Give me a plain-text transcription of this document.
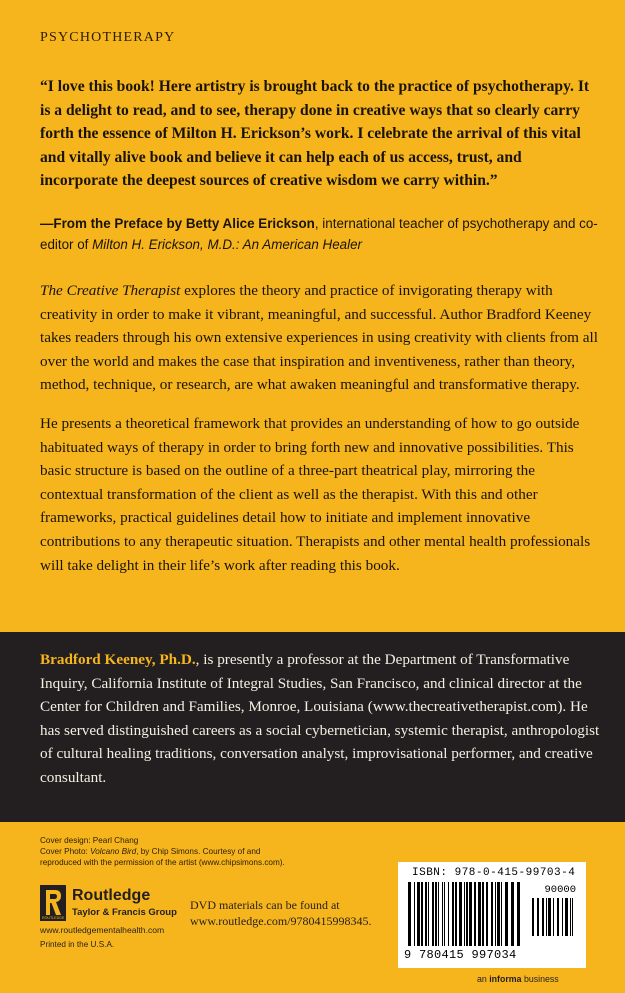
PSYCHOTHERAPY
“I love this book! Here artistry is brought back to the practice of psychotherapy. It is a delight to read, and to see, therapy done in creative ways that so clearly carry forth the essence of Milton H. Erickson’s work. I celebrate the arrival of this vital and vitally alive book and believe it can help each of us access, trust, and incorporate the deepest sources of creative wisdom we carry within.”
—From the Preface by Betty Alice Erickson, international teacher of psychotherapy and co-editor of Milton H. Erickson, M.D.: An American Healer
The Creative Therapist explores the theory and practice of invigorating therapy with creativity in order to make it vibrant, meaningful, and successful. Author Bradford Keeney takes readers through his own extensive experiences in using creativity with clients from all over the world and makes the case that inspiration and inventiveness, rather than theory, method, technique, or research, are what awaken meaningful and transformative therapy.
He presents a theoretical framework that provides an understanding of how to go outside habituated ways of therapy in order to bring forth new and innovative possibilities. This basic structure is based on the outline of a three-part theatrical play, mirroring the contextual transformation of the client as well as the therapist. With this and other frameworks, practical guidelines detail how to initiate and implement innovative contributions to any therapeutic situation. Therapists and other mental health professionals will take delight in their life’s work after reading this book.
Bradford Keeney, Ph.D., is presently a professor at the Department of Transformative Inquiry, California Institute of Integral Studies, San Francisco, and clinical director at the Center for Children and Families, Monroe, Louisiana (www.thecreativetherapist.com). He has served distinguished careers as a social cybernetician, systemic therapist, anthropologist of cultural healing traditions, conversation analyst, improvisational performer, and creative consultant.
Cover design: Pearl Chang
Cover Photo: Volcano Bird, by Chip Simons. Courtesy of and
reproduced with the permission of the artist (www.chipsimons.com).
ROUTLEDGE
Routledge
Taylor & Francis Group
www.routledgementalhealth.com
Printed in the U.S.A.
DVD materials can be found at
www.routledge.com/9780415998345.
ISBN: 978-0-415-99703-4
90000
9 780415 997034
an informa business
